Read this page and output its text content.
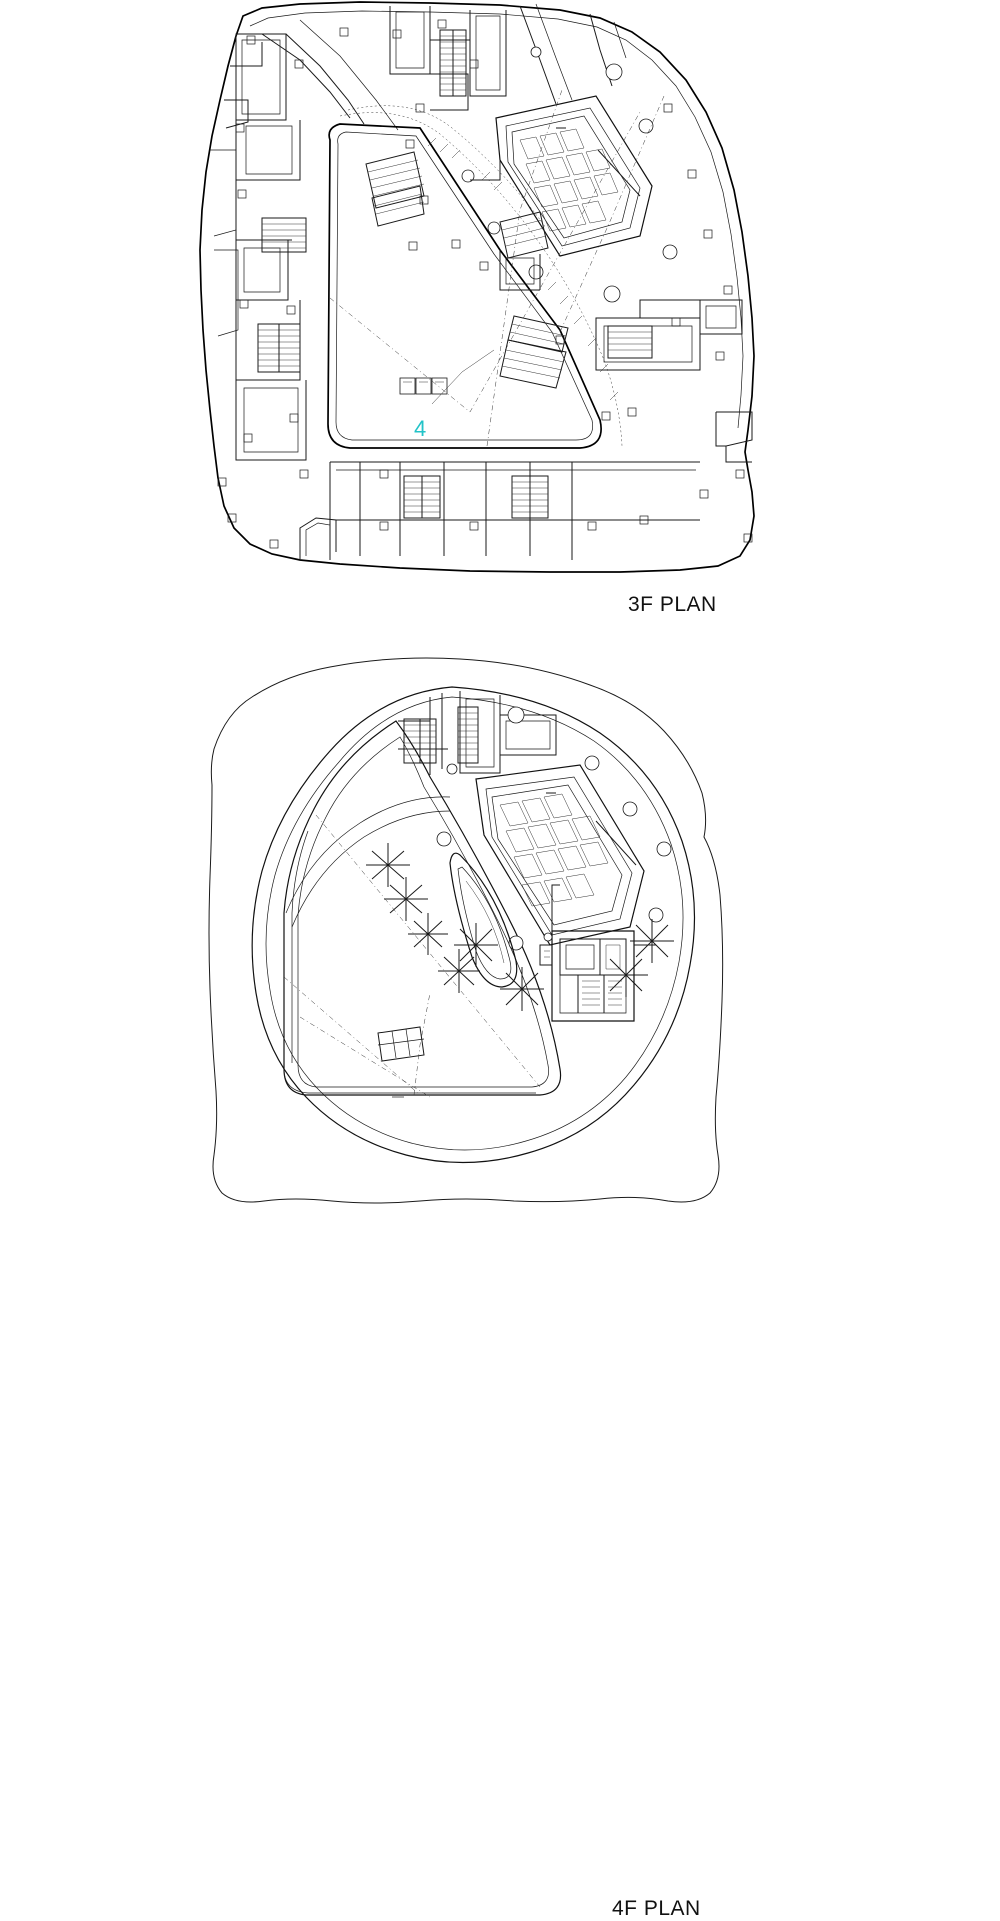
4
3F PLAN
4F PLAN
